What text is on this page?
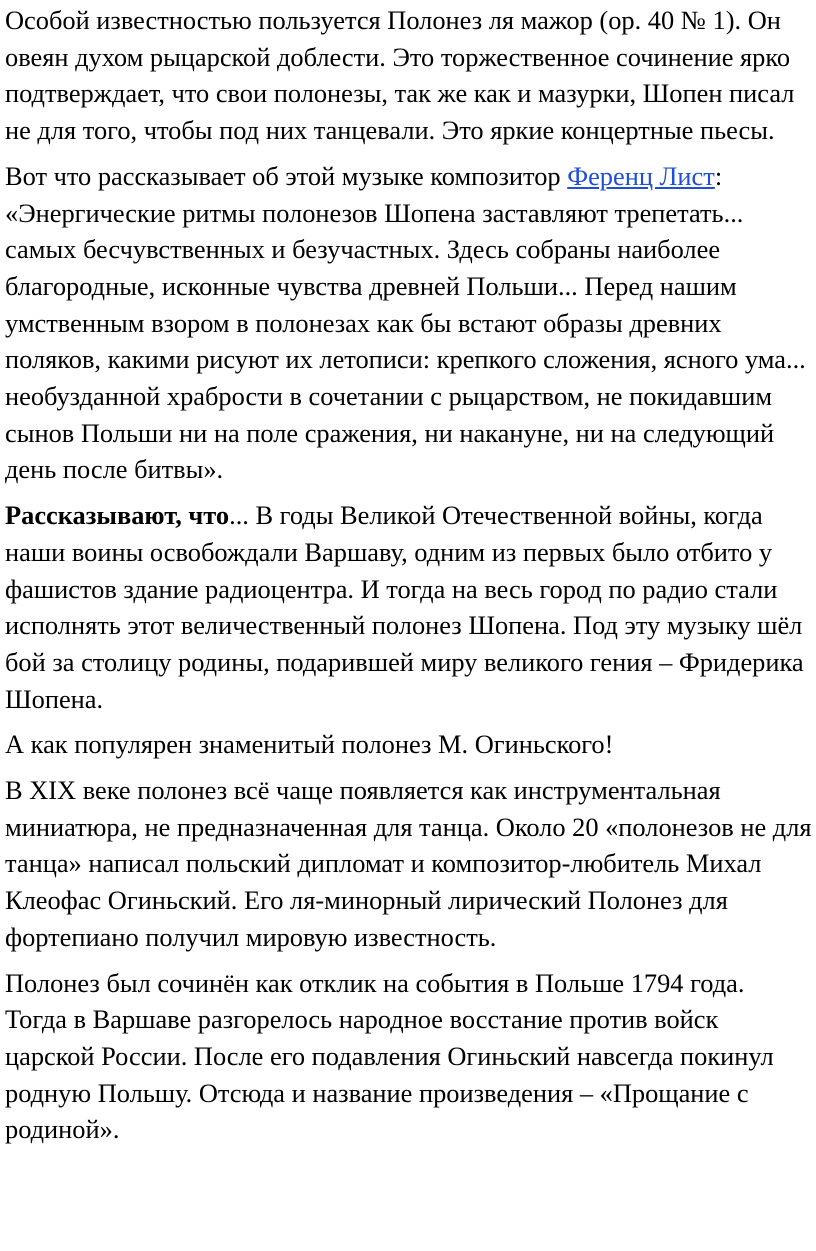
Особой известностью пользуется Полонез ля мажор (ор. 40 № 1). Он овеян духом рыцарской доблести. Это торжественное сочинение ярко подтверждает, что свои полонезы, так же как и мазурки, Шопен писал не для того, чтобы под них танцевали. Это яркие концертные пьесы.

Вот что рассказывает об этой музыке композитор Ференц Лист: «Энергические ритмы полонезов Шопена заставляют трепетать... самых бесчувственных и безучастных. Здесь собраны наиболее благородные, исконные чувства древней Польши... Перед нашим умственным взором в полонезах как бы встают образы древних поляков, какими рисуют их летописи: крепкого сложения, ясного ума... необузданной храбрости в сочетании с рыцарством, не покидавшим сынов Польши ни на поле сражения, ни накануне, ни на следующий день после битвы».

Рассказывают, что... В годы Великой Отечественной войны, когда наши воины освобождали Варшаву, одним из первых было отбито у фашистов здание радиоцентра. И тогда на весь город по радио стали исполнять этот величественный полонез Шопена. Под эту музыку шёл бой за столицу родины, подарившей миру великого гения – Фридерика Шопена.

А как популярен знаменитый полонез М. Огиньского!

В XIX веке полонез всё чаще появляется как инструментальная миниатюра, не предназначенная для танца. Около 20 «полонезов не для танца» написал польский дипломат и композитор-любитель Михал Клеофас Огиньский. Его ля-минорный лирический Полонез для фортепиано получил мировую известность.

Полонез был сочинён как отклик на события в Польше 1794 года. Тогда в Варшаве разгорелось народное восстание против войск царской России. После его подавления Огиньский навсегда покинул родную Польшу. Отсюда и название произведения – «Прощание с родиной».
